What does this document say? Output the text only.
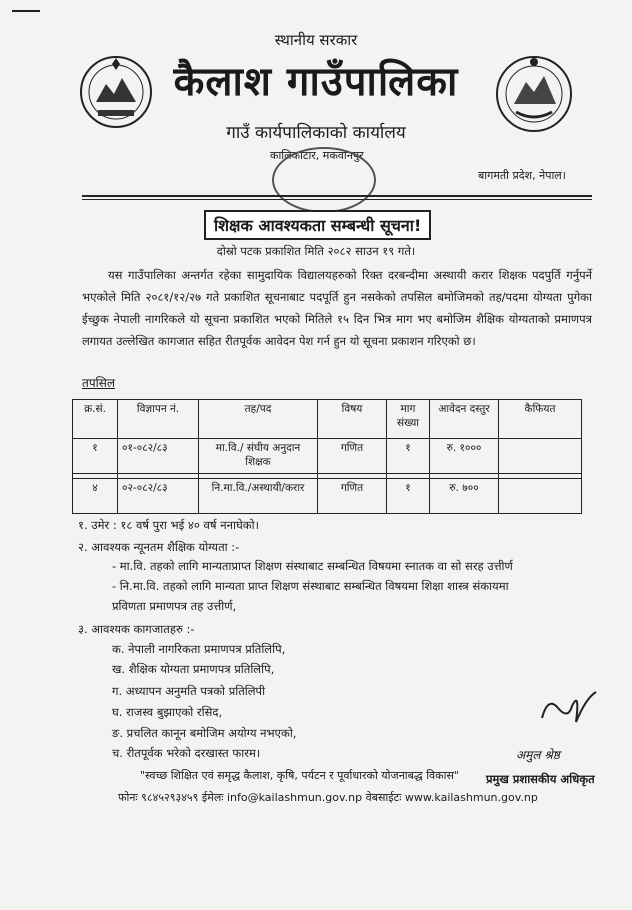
स्थानीय सरकार
कैलाश गाउँपालिका
गाउँ कार्यपालिकाको कार्यालय
कालिकाटार, मकवानपुर
बागमती प्रदेश, नेपाल।
शिक्षक आवश्यकता सम्बन्धी सूचना!
दोस्रो पटक प्रकाशित मिति २०८२ साउन १९ गते।
यस गाउँपालिका अन्तर्गत रहेका सामुदायिक विद्यालयहरुको रिक्त दरबन्दीमा अस्थायी करार शिक्षक पदपुर्ति गर्नुपर्ने भएकोले मिति २०८१/१२/२७ गते प्रकाशित सूचनाबाट पदपूर्ति हुन नसकेको तपसिल बमोजिमको तह/पदमा योग्यता पुगेका ईच्छुक नेपाली नागरिकले यो सूचना प्रकाशित भएको मितिले १५ दिन भित्र माग भए बमोजिम शैक्षिक योग्यताको प्रमाणपत्र लगायत उल्लेखित कागजात सहित रीतपूर्वक आवेदन पेश गर्न हुन यो सूचना प्रकाशन गरिएको छ।
तपसिल
क्र.सं.	विज्ञापन नं.	तह/पद	विषय	माग संख्या	आवेदन दस्तुर	कैफियत
१	०१-०८२/८३	मा.वि./ संघीय अनुदान शिक्षक	गणित	१	रु. १०००	

४	०२-०८२/८३	नि.मा.वि./अस्थायी/करार	गणित	१	रु. ७००	
१. उमेर : १८ वर्ष पुरा भई ४० वर्ष ननाघेको।
२. आवश्यक न्यूनतम शैक्षिक योग्यता :-
- मा.वि. तहको लागि मान्यताप्राप्त शिक्षण संस्थाबाट सम्बन्धित विषयमा स्नातक वा सो सरह उत्तीर्ण
- नि.मा.वि. तहको लागि मान्यता प्राप्त शिक्षण संस्थाबाट सम्बन्धित विषयमा शिक्षा शास्त्र संकायमा
प्रविणता प्रमाणपत्र तह उत्तीर्ण,
३. आवश्यक कागजातहरु :-
क. नेपाली नागरिकता प्रमाणपत्र प्रतिलिपि,
ख. शैक्षिक योग्यता प्रमाणपत्र प्रतिलिपि,
ग. अध्यापन अनुमति पत्रको प्रतिलिपी
घ. राजस्व बुझाएको रसिद,
ङ. प्रचलित कानून बमोजिम अयोग्य नभएको,
च. रीतपूर्वक भरेको दरखास्त फारम।	अमुल श्रेष्ठ
"स्वच्छ शिक्षित एवं समृद्ध कैलाश, कृषि, पर्यटन र पूर्वाधारको योजनाबद्ध विकास" प्रमुख प्रशासकीय अधिकृत
फोनः ९८४५२९३४५९ ईमेलः info@kailashmun.gov.np वेबसाईटः www.kailashmun.gov.np
